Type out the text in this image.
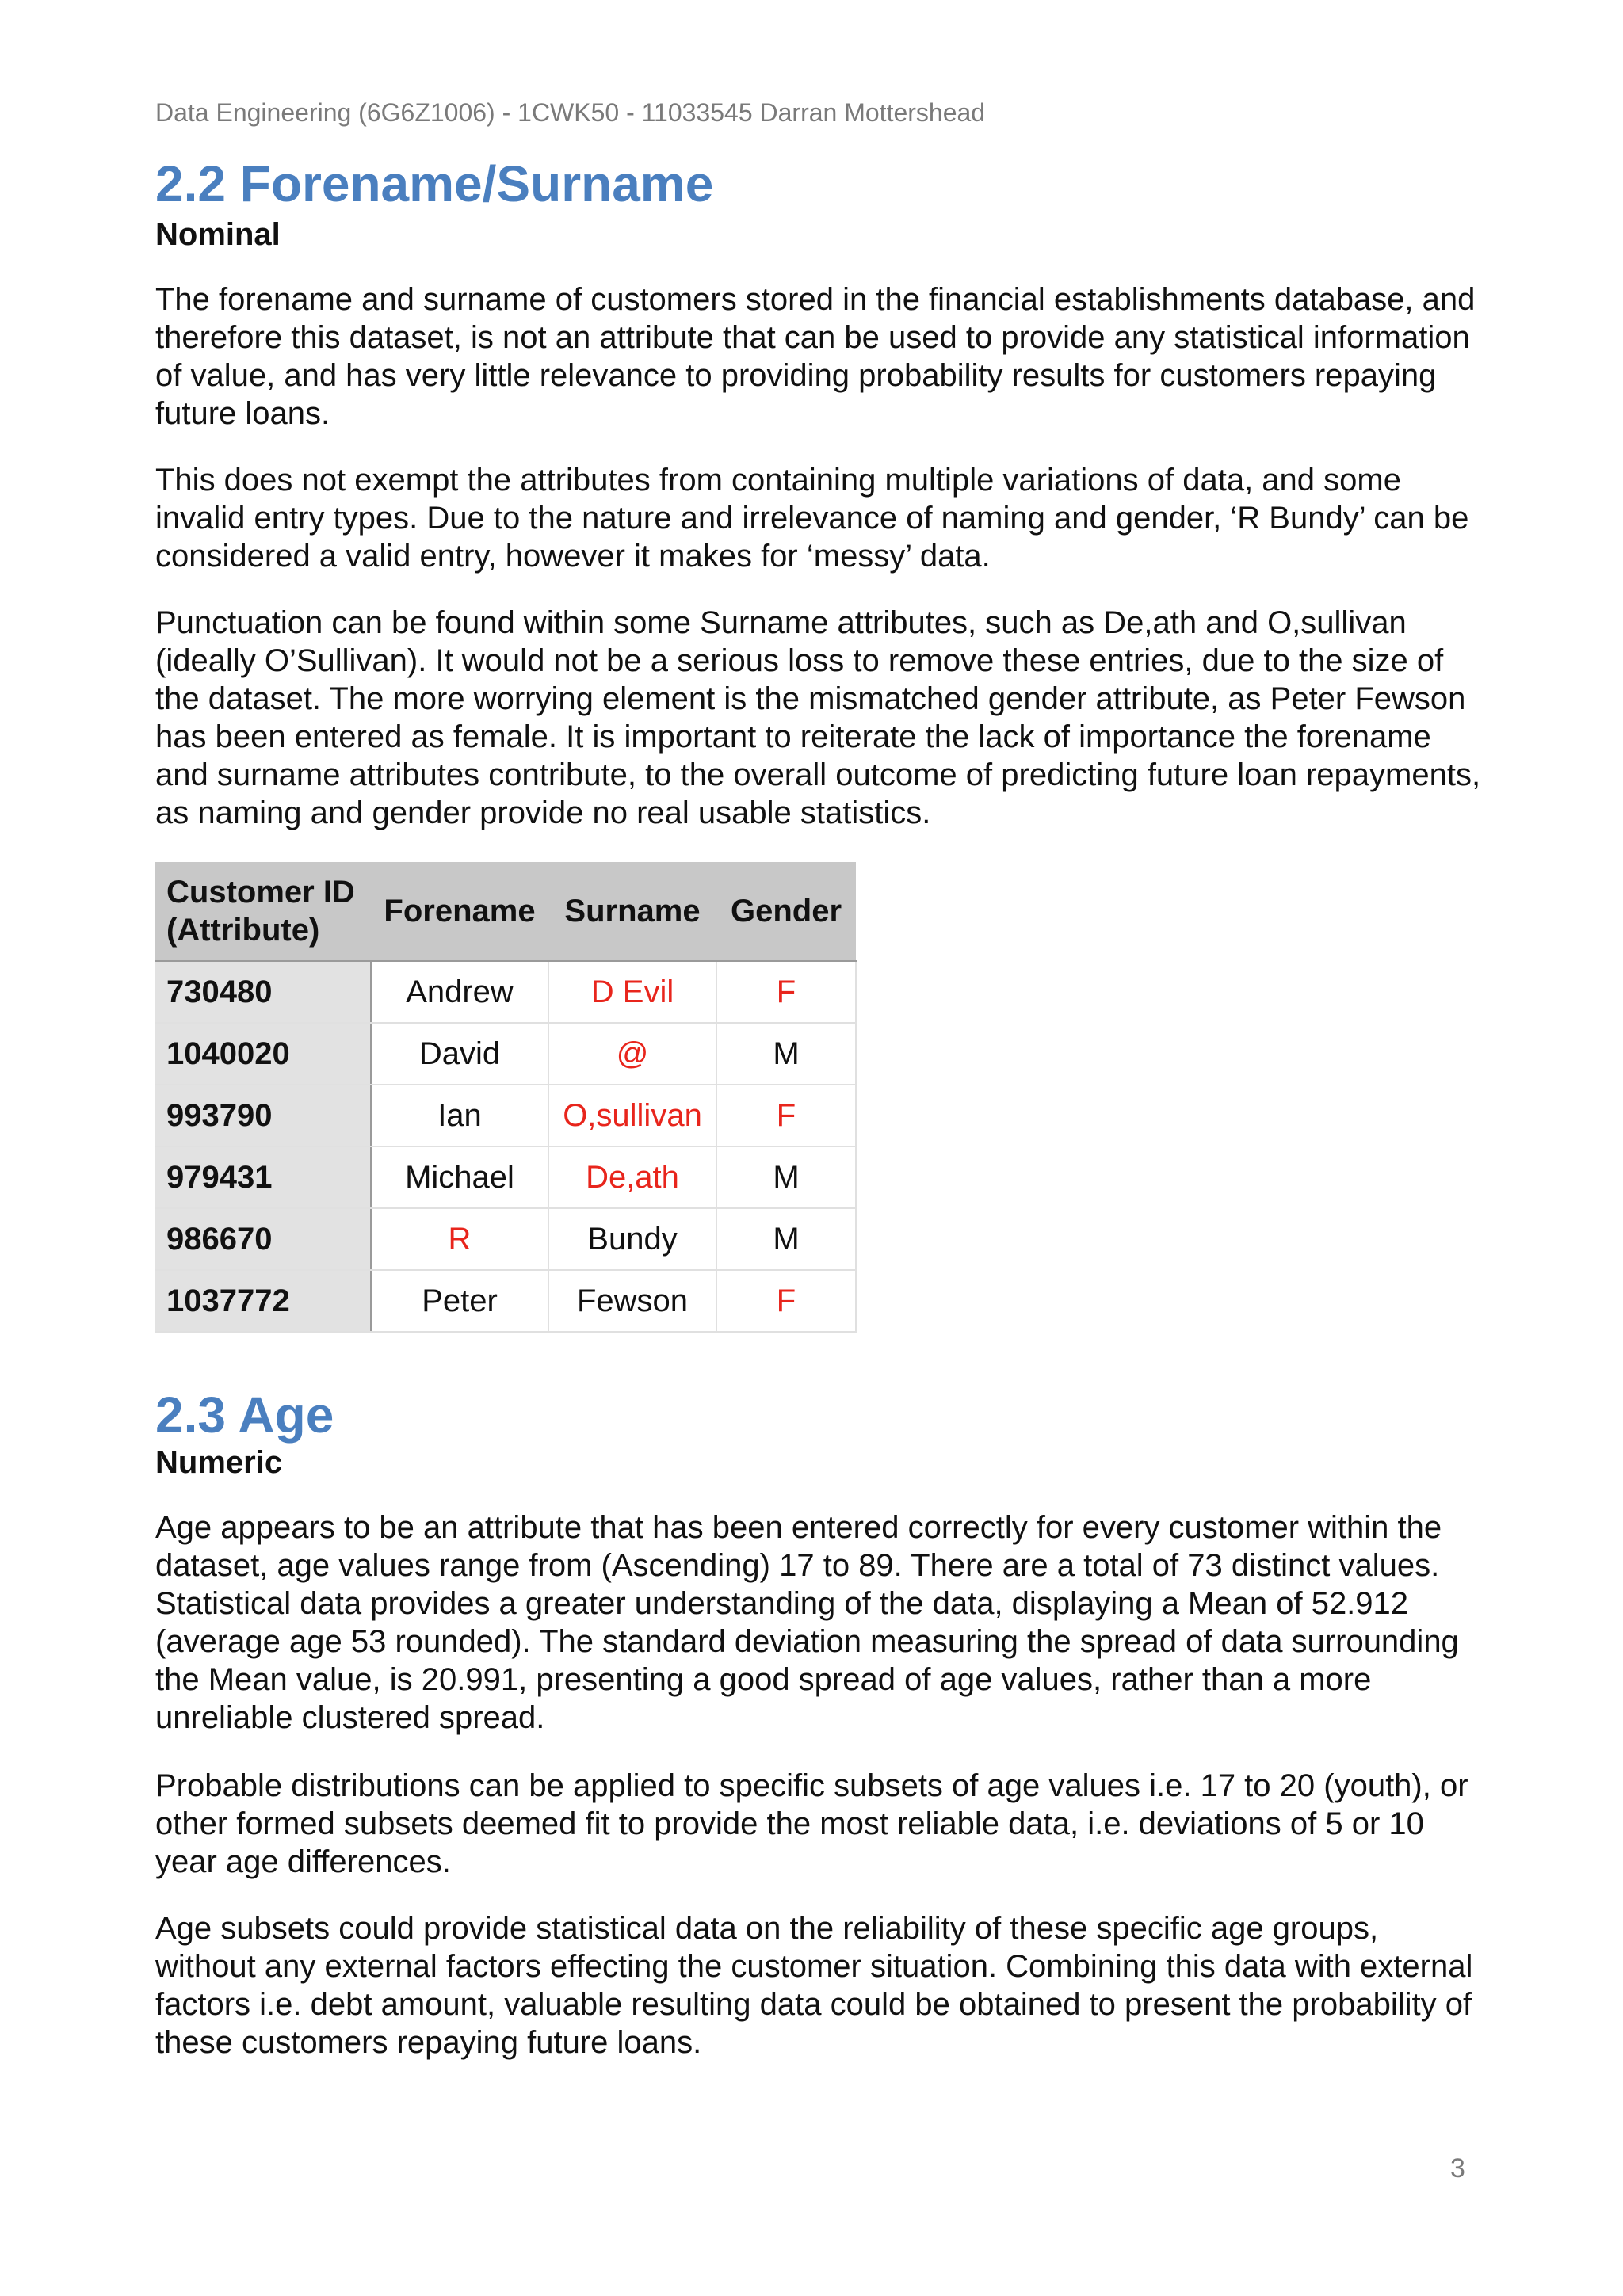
Data Engineering (6G6Z1006) - 1CWK50 - 11033545 Darran Mottershead
2.2 Forename/Surname
Nominal

The forename and surname of customers stored in the financial establishments database, and therefore this dataset, is not an attribute that can be used to provide any statistical information of value, and has very little relevance to providing probability results for customers repaying future loans.

This does not exempt the attributes from containing multiple variations of data, and some invalid entry types. Due to the nature and irrelevance of naming and gender, ‘R Bundy’ can be considered a valid entry, however it makes for ‘messy’ data.

Punctuation can be found within some Surname attributes, such as De,ath and O,sullivan (ideally O’Sullivan). It would not be a serious loss to remove these entries, due to the size of the dataset. The more worrying element is the mismatched gender attribute, as Peter Fewson has been entered as female. It is important to reiterate the lack of importance the forename and surname attributes contribute, to the overall outcome of predicting future loan repayments, as naming and gender provide no real usable statistics.

Customer ID (Attribute)	Forename	Surname	Gender
730480	Andrew	D Evil	F
1040020	David	@	M
993790	Ian	O,sullivan	F
979431	Michael	De,ath	M
986670	R	Bundy	M
1037772	Peter	Fewson	F
2.3 Age
Numeric

Age appears to be an attribute that has been entered correctly for every customer within the dataset, age values range from (Ascending) 17 to 89. There are a total of 73 distinct values. Statistical data provides a greater understanding of the data, displaying a Mean of 52.912 (average age 53 rounded). The standard deviation measuring the spread of data surrounding the Mean value, is 20.991, presenting a good spread of age values, rather than a more unreliable clustered spread.

Probable distributions can be applied to specific subsets of age values i.e. 17 to 20 (youth), or other formed subsets deemed fit to provide the most reliable data, i.e. deviations of 5 or 10 year age differences.

Age subsets could provide statistical data on the reliability of these specific age groups, without any external factors effecting the customer situation. Combining this data with external factors i.e. debt amount, valuable resulting data could be obtained to present the probability of these customers repaying future loans.

3
